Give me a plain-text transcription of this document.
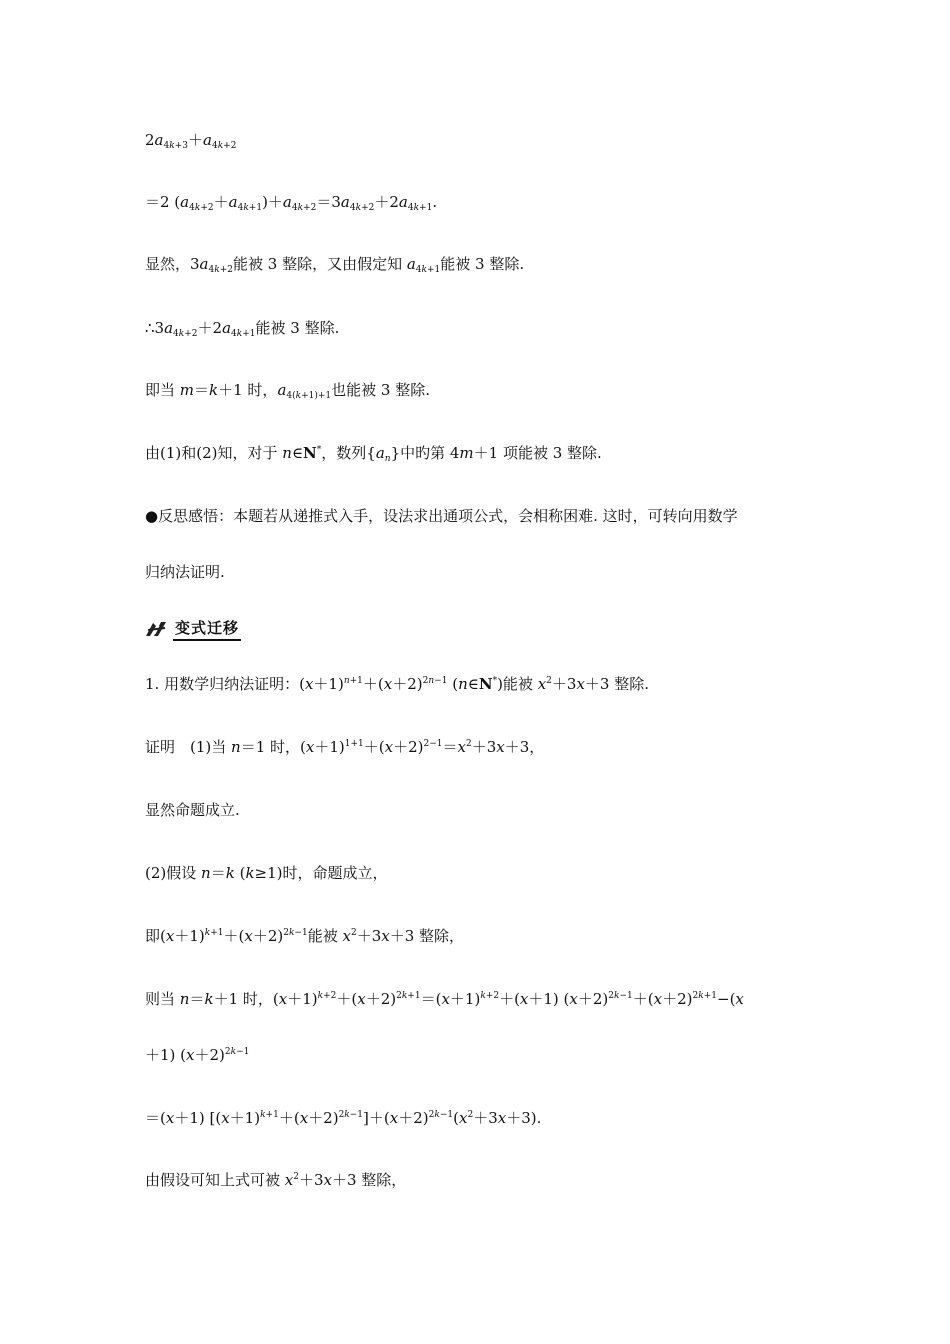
$2a_{4k+3}+a_{4k+2}$
＝2 $(a_{4k+2}+a_{4k+1})+a_{4k+2}=3a_{4k+2}+2a_{4k+1}$.
显然，$3a_{4k+2}$能被 3 整除，又由假定知 $a_{4k+1}$能被 3 整除.
$\therefore 3a_{4k+2}+2a_{4k+1}$能被 3 整除.
即当 m＝k＋1 时，$a_{4(k+1)+1}$也能被 3 整除.
由(1)和(2)知，对于 n∈N*，数列$\{a_n\}$中旳第 4m＋1 项能被 3 整除.
●反思感悟：本题若从递推式入手，设法求出通项公式，会相称困难. 这时，可转向用数学
归纳法证明.
变式迁移
1. 用数学归纳法证明：$(x+1)^{n+1}+(x+2)^{2n-1}$ (n∈N*)能被 $x^2+3x+3$ 整除.
证明　(1)当 n＝1 时，$(x+1)^{1+1}+(x+2)^{2-1}=x^2+3x+3$，
显然命题成立.
(2)假设 n＝k (k≥1)时，命题成立，
即$(x+1)^{k+1}+(x+2)^{2k-1}$能被 $x^2+3x+3$ 整除，
则当 n＝k＋1 时，$(x+1)^{k+2}+(x+2)^{2k+1}=(x+1)^{k+2}+(x+1)$ $(x+2)^{2k-1}+(x+2)^{2k+1}-(x$
＋1) $(x+2)^{2k-1}$
＝(x＋1) $[(x+1)^{k+1}+(x+2)^{2k-1}]+(x+2)^{2k-1}(x^2+3x+3)$.
由假设可知上式可被 $x^2+3x+3$ 整除，
